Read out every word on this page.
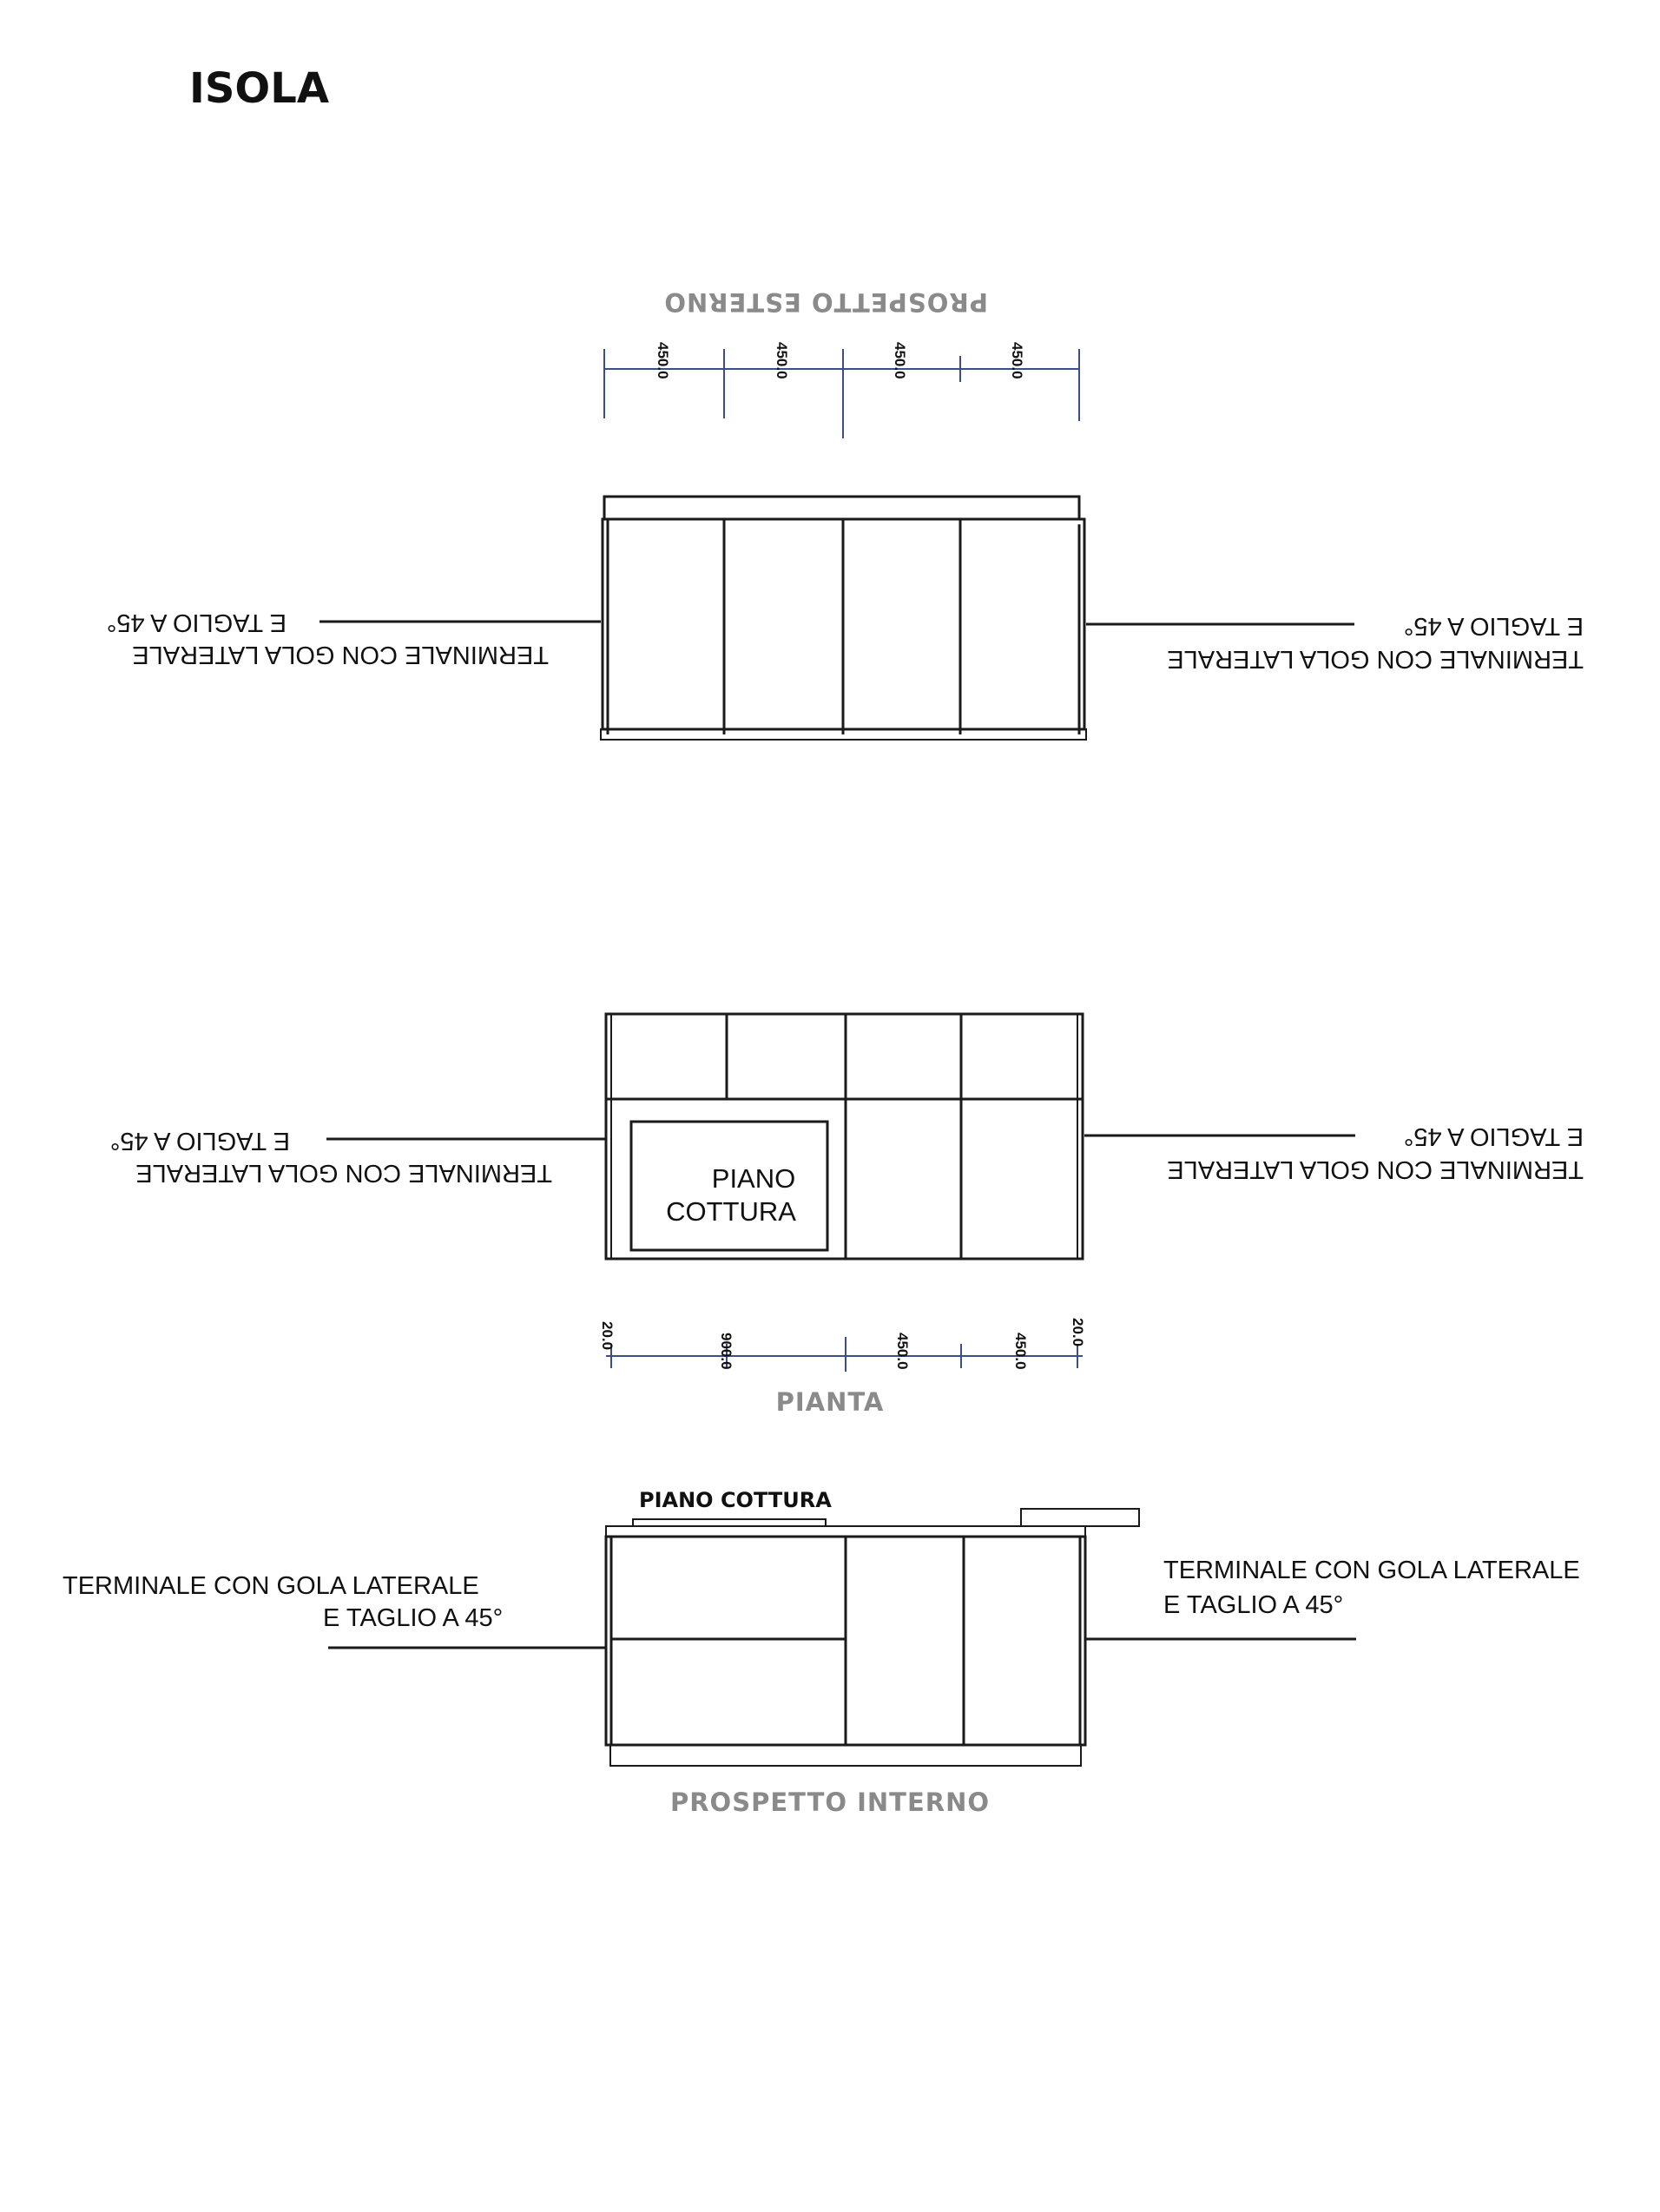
ISOLA
PROSPETTO ESTERNO
450.0	450.0	450.0	450.0
TERMINALE CON GOLA LATERALE
E TAGLIO A 45°
TERMINALE CON GOLA LATERALE
E TAGLIO A 45°
PIANO
COTTURA
TERMINALE CON GOLA LATERALE
E TAGLIO A 45°
TERMINALE CON GOLA LATERALE
E TAGLIO A 45°
20.0	900.0	450.0	450.0
20.0
PIANTA
PIANO COTTURA
TERMINALE CON GOLA LATERALE
E TAGLIO A 45°
TERMINALE CON GOLA LATERALE
E TAGLIO A 45°
PROSPETTO INTERNO
